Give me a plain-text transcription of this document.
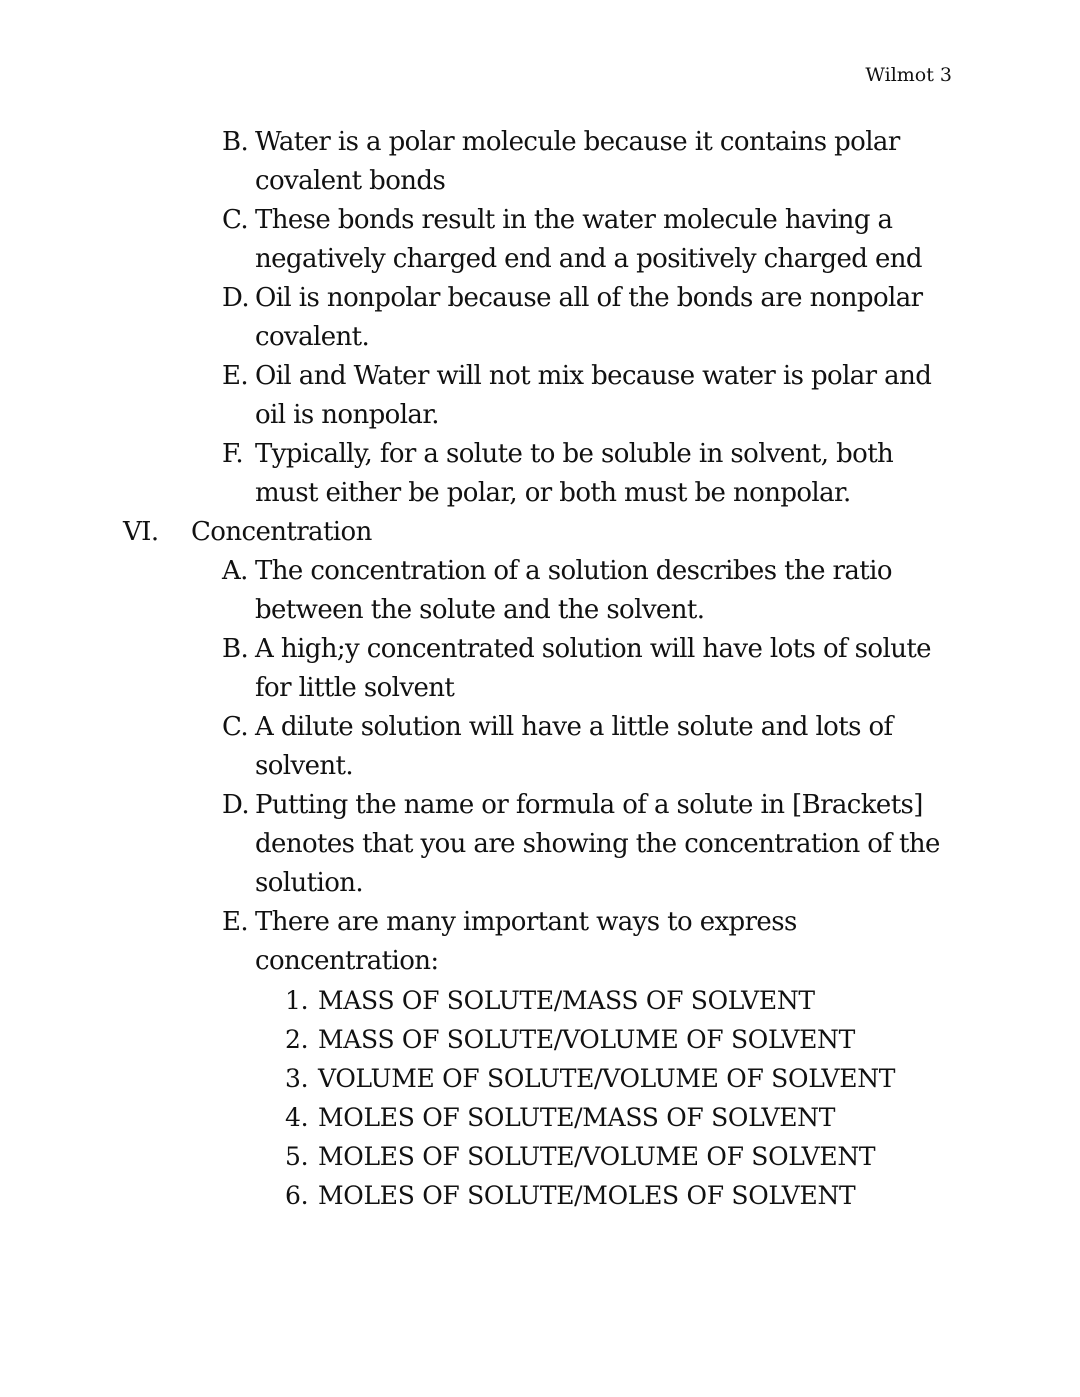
Wilmot 3
B. Water is a polar molecule because it contains polar covalent bonds
C. These bonds result in the water molecule having a negatively charged end and a positively charged end
D. Oil is nonpolar because all of the bonds are nonpolar covalent.
E. Oil and Water will not mix because water is polar and oil is nonpolar.
F. Typically, for a solute to be soluble in solvent, both must either be polar, or both must be nonpolar.
VI. Concentration
A. The concentration of a solution describes the ratio between the solute and the solvent.
B. A high;y concentrated solution will have lots of solute for little solvent
C. A dilute solution will have a little solute and lots of solvent.
D. Putting the name or formula of a solute in [Brackets] denotes that you are showing the concentration of the solution.
E. There are many important ways to express concentration:
1. MASS OF SOLUTE/MASS OF SOLVENT
2. MASS OF SOLUTE/VOLUME OF SOLVENT
3. VOLUME OF SOLUTE/VOLUME OF SOLVENT
4. MOLES OF SOLUTE/MASS OF SOLVENT
5. MOLES OF SOLUTE/VOLUME OF SOLVENT
6. MOLES OF SOLUTE/MOLES OF SOLVENT
